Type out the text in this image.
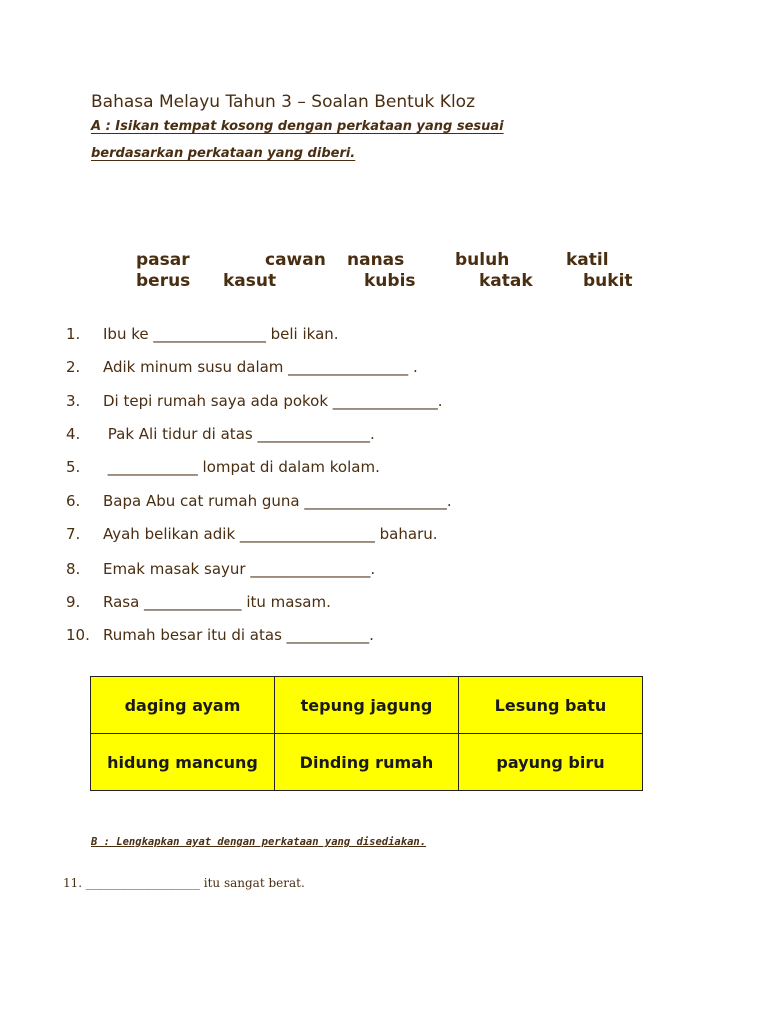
Bahasa Melayu Tahun 3 – Soalan Bentuk Kloz
A : Isikan tempat kosong dengan perkataan yang sesuai
berdasarkan perkataan yang diberi.
pasar	cawan nanas	buluh	katil
berus kasut	kubis	katak	bukit
1. Ibu ke _______________ beli ikan.
2. Adik minum susu dalam ________________ .
3. Di tepi rumah saya ada pokok ______________.
4. Pak Ali tidur di atas _______________.
5. ____________ lompat di dalam kolam.
6. Bapa Abu cat rumah guna ___________________.
7. Ayah belikan adik __________________ baharu.
8. Emak masak sayur ________________.
9. Rasa _____________ itu masam.
10. Rumah besar itu di atas ___________.
daging ayam	tepung jagung	Lesung batu
hidung mancung	Dinding rumah	payung biru
B : Lengkapkan ayat dengan perkataan yang disediakan.
11. ___________________ itu sangat berat.
